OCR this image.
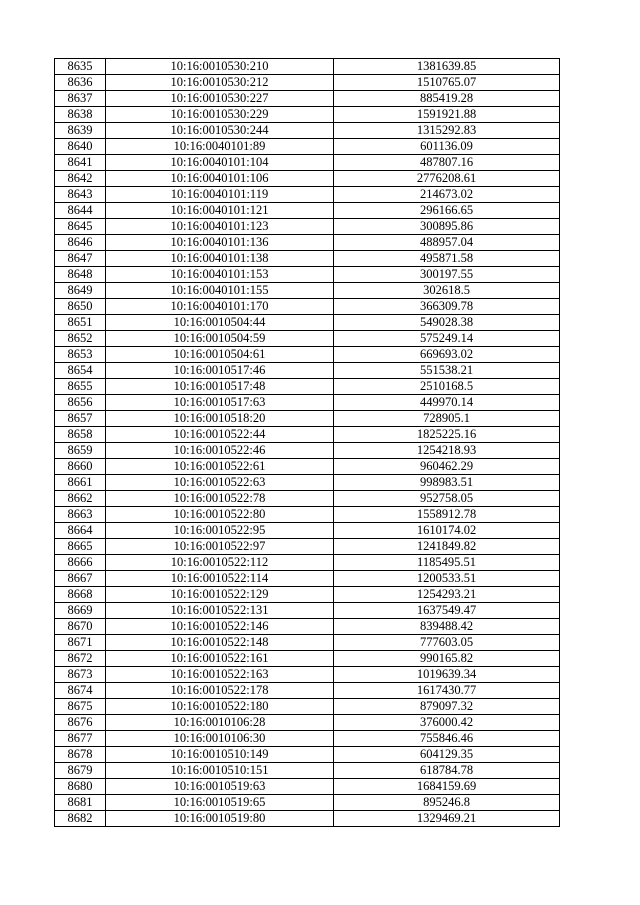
8635	10:16:0010530:210	1381639.85
8636	10:16:0010530:212	1510765.07
8637	10:16:0010530:227	885419.28
8638	10:16:0010530:229	1591921.88
8639	10:16:0010530:244	1315292.83
8640	10:16:0040101:89	601136.09
8641	10:16:0040101:104	487807.16
8642	10:16:0040101:106	2776208.61
8643	10:16:0040101:119	214673.02
8644	10:16:0040101:121	296166.65
8645	10:16:0040101:123	300895.86
8646	10:16:0040101:136	488957.04
8647	10:16:0040101:138	495871.58
8648	10:16:0040101:153	300197.55
8649	10:16:0040101:155	302618.5
8650	10:16:0040101:170	366309.78
8651	10:16:0010504:44	549028.38
8652	10:16:0010504:59	575249.14
8653	10:16:0010504:61	669693.02
8654	10:16:0010517:46	551538.21
8655	10:16:0010517:48	2510168.5
8656	10:16:0010517:63	449970.14
8657	10:16:0010518:20	728905.1
8658	10:16:0010522:44	1825225.16
8659	10:16:0010522:46	1254218.93
8660	10:16:0010522:61	960462.29
8661	10:16:0010522:63	998983.51
8662	10:16:0010522:78	952758.05
8663	10:16:0010522:80	1558912.78
8664	10:16:0010522:95	1610174.02
8665	10:16:0010522:97	1241849.82
8666	10:16:0010522:112	1185495.51
8667	10:16:0010522:114	1200533.51
8668	10:16:0010522:129	1254293.21
8669	10:16:0010522:131	1637549.47
8670	10:16:0010522:146	839488.42
8671	10:16:0010522:148	777603.05
8672	10:16:0010522:161	990165.82
8673	10:16:0010522:163	1019639.34
8674	10:16:0010522:178	1617430.77
8675	10:16:0010522:180	879097.32
8676	10:16:0010106:28	376000.42
8677	10:16:0010106:30	755846.46
8678	10:16:0010510:149	604129.35
8679	10:16:0010510:151	618784.78
8680	10:16:0010519:63	1684159.69
8681	10:16:0010519:65	895246.8
8682	10:16:0010519:80	1329469.21
